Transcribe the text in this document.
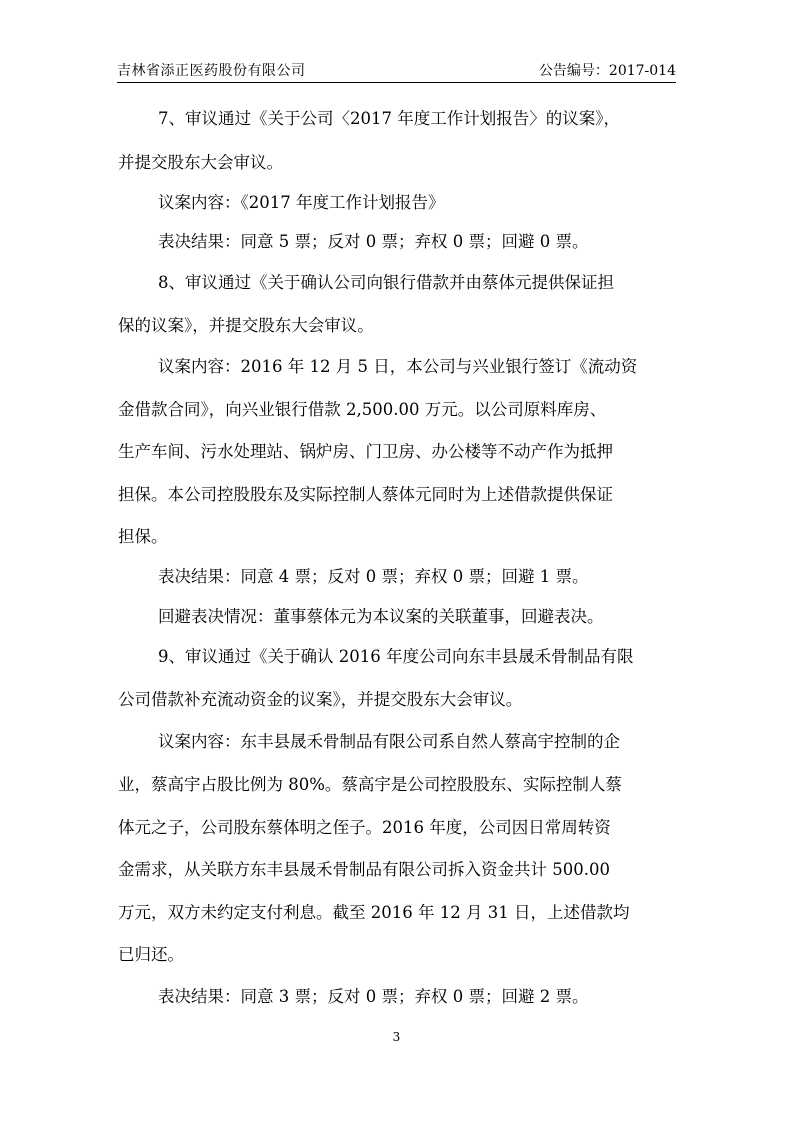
吉林省添正医药股份有限公司	公告编号：2017-014
7、审议通过《关于公司〈2017 年度工作计划报告〉的议案》，
并提交股东大会审议。
议案内容：《2017 年度工作计划报告》
表决结果：同意 5 票；反对 0 票；弃权 0 票；回避 0 票。
8、审议通过《关于确认公司向银行借款并由蔡体元提供保证担
保的议案》，并提交股东大会审议。
议案内容：2016 年 12 月 5 日，本公司与兴业银行签订《流动资
金借款合同》，向兴业银行借款 2,500.00 万元。以公司原料库房、
生产车间、污水处理站、锅炉房、门卫房、办公楼等不动产作为抵押
担保。本公司控股股东及实际控制人蔡体元同时为上述借款提供保证
担保。
表决结果：同意 4 票；反对 0 票；弃权 0 票；回避 1 票。
回避表决情况：董事蔡体元为本议案的关联董事，回避表决。
9、审议通过《关于确认 2016 年度公司向东丰县晟禾骨制品有限
公司借款补充流动资金的议案》，并提交股东大会审议。
议案内容：东丰县晟禾骨制品有限公司系自然人蔡高宇控制的企
业，蔡高宇占股比例为 80%。蔡高宇是公司控股股东、实际控制人蔡
体元之子，公司股东蔡体明之侄子。2016 年度，公司因日常周转资
金需求，从关联方东丰县晟禾骨制品有限公司拆入资金共计 500.00
万元，双方未约定支付利息。截至 2016 年 12 月 31 日，上述借款均
已归还。
表决结果：同意 3 票；反对 0 票；弃权 0 票；回避 2 票。
3
